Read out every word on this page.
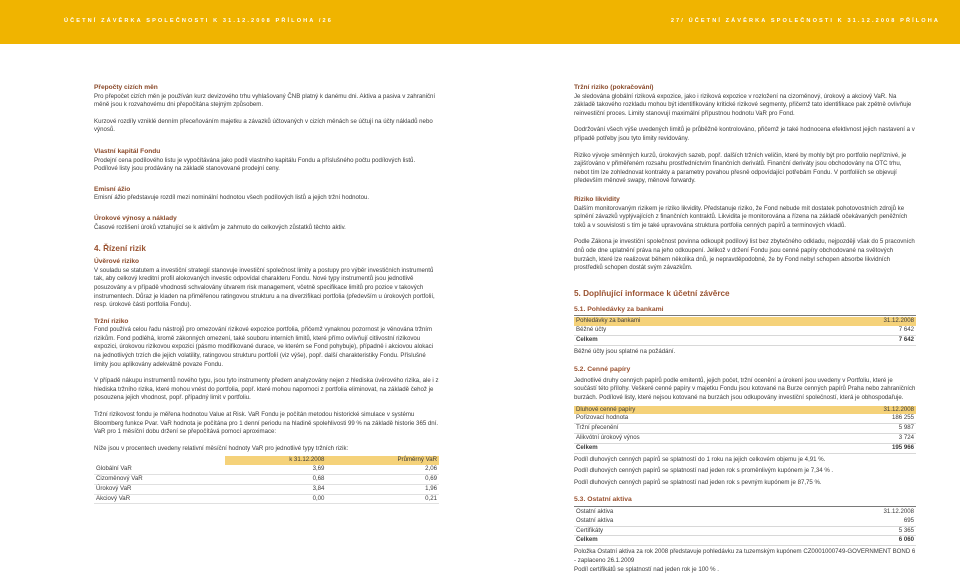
ÚČETNÍ ZÁVĚRKA SPOLEČNOSTI K 31.12.2008 PŘÍLOHA /26	27/ ÚČETNÍ ZÁVĚRKA SPOLEČNOSTI K 31.12.2008 PŘÍLOHA
Přepočty cizích měn

Pro přepočet cizích měn je používán kurz devizového trhu vyhlašovaný ČNB platný k danému dni. Aktiva a pasiva v zahraniční měně jsou k rozvahovému dni přepočítána stejným způsobem.

Kurzové rozdíly vzniklé denním přeceňováním majetku a závazků účtovaných v cizích měnách se účtují na účty nákladů nebo výnosů.

Vlastní kapitál Fondu

Prodejní cena podílového listu je vypočítávána jako podíl vlastního kapitálu Fondu a příslušného počtu podílových listů. Podílové listy jsou prodávány na základě stanovované prodejní ceny.

Emisní ážio

Emisní ážio představuje rozdíl mezi nominální hodnotou všech podílových listů a jejich tržní hodnotou.

Úrokové výnosy a náklady

Časové rozlišení úroků vztahující se k aktivům je zahrnuto do celkových zůstatků těchto aktiv.

4. Řízení rizik
Úvěrové riziko

V souladu se statutem a investiční strategií stanovuje investiční společnost limity a postupy pro výběr investičních instrumentů tak, aby celkový kreditní profil alokovaných investic odpovídal charakteru Fondu. Nové typy instrumentů jsou jednotlivě posuzovány a v případě vhodnosti schvalovány útvarem risk management, včetně specifikace limitů pro pozice v takových instrumentech. Důraz je kladen na přiměřenou ratingovou strukturu a na diverzifikaci portfolia (především u úrokových portfolií, resp. úrokové části portfolia Fondu).

Tržní riziko

Fond používá celou řadu nástrojů pro omezování rizikové expozice portfolia, přičemž vynaknou pozornost je věnována tržním rizikům. Fond podléhá, kromě zákonných omezení, také souboru interních limitů, které přímo ovlivňují citlivostní rizikovou expozici, úrokovou rizikovou expozici (pásmo modifikované durace, ve kterém se Fond pohybuje), případně i akciovou alokaci na jednotlivých trzích dle jejich volatility, ratingovou strukturu portfolií (viz výše), popř. další charakteristiky Fondu. Příslušné limity jsou aplikovány adekvátně povaze Fondu.

V případě nákupu instrumentů nového typu, jsou tyto instrumenty předem analyzovány nejen z hlediska úvěrového rizika, ale i z hlediska tržního rizika, které mohou vnést do portfolia, popř. které mohou napomoci z portfolia eliminovat, na základě čehož je posouzena jejich vhodnost, popř. případný limit v portfoliu.

Tržní rizikovost fondu je měřena hodnotou Value at Risk. VaR Fondu je počítán metodou historické simulace v systému Bloomberg funkce Pvar. VaR hodnota je počítána pro 1 denní periodu na hladině spolehlivosti 99 % na základě historie 365 dní. VaR pro 1 měsíční dobu držení se přepočítává pomocí aproximace:

Níže jsou v procentech uvedeny relativní měsíční hodnoty VaR pro jednotlivé typy tržních rizik:

	k 31.12.2008	Průměrný VaR
Globální VaR	3,69	2,06
Cizoměnový VaR	0,68	0,69
Úrokový VaR	3,84	1,96
Akciový VaR	0,00	0,21
Tržní riziko (pokračování)

Je sledována globální riziková expozice, jako i riziková expozice v rozložení na cizoměnový, úrokový a akciový VaR. Na základě takového rozkladu mohou být identifikovány kritické rizikové segmenty, přičemž tato identifikace pak zpětně ovlivňuje reinvestiční proces. Limity stanovují maximální přípustnou hodnotu VaR pro Fond.

Dodržování všech výše uvedených limitů je průběžně kontrolováno, přičemž je také hodnocena efektivnost jejich nastavení a v případě potřeby jsou tyto limity revidovány.

Riziko vývoje směnných kurzů, úrokových sazeb, popř. dalších tržních veličin, které by mohly být pro portfolio nepříznivé, je zajišťováno v přiměřeném rozsahu prostředníctvím finančních derivátů. Finanční deriváty jsou obchodovány na OTC trhu, nebot tím lze zohlednovat kontrakty a parametry povahou přesně odpovídající potřebám Fondu. V portfoliích se objevují především měnové swapy, měnové forwardy.

Riziko likvidity

Dalším monitorovaným rizikem je riziko likvidity. Předstanuje riziko, že Fond nebude mít dostatek pohotovostních zdrojů ke splnění závazků vyplývajících z finančních kontraktů. Likvidita je monitorována a řízena na základě očekávaných peněžních toků a v souvislosti s tím je také upravována struktura portfolia cenných papírů a terminových vkladů.

Podle Zákona je investiční společnost povinna odkoupit podílový list bez zbytečného odkladu, nejpozději však do 5 pracovních dnů ode dne uplatnění práva na jeho odkoupení. Jelikož v držení Fondu jsou cenné papíry obchodované na světových burzách, které lze realizovat během několika dnů, je nepravděpodobné, že by Fond nebyl schopen absorbe likvidních prostředků schopen dostát svým závazkům.

5. Doplňující informace k účetní závěrce
5.1. Pohledávky za bankami
Pohledávky za bankami	31.12.2008
Běžné účty	7 642
Celkem	7 642

Běžné účty jsou splatné na požádání.

5.2. Cenné papíry

Jednotlivé druhy cenných papírů podle emitentů, jejich počet, tržní ocenění a úrokení jsou uvedeny v Portfoliu, které je součástí této přílohy. Veškeré cenné papíry v majetku Fondu jsou kotované na Burze cenných papírů Praha nebo zahraničních burzách. Podílové listy, které nejsou kotované na burzách jsou odkupovány investiční společností, která je obhospodařuje.

Dluhové cenné papíry	31.12.2008
Pořizovací hodnota	186 255
Tržní přecenění	5 987
Alikvótní úrokový výnos	3 724
Celkem	195 966

Podíl dluhových cenných papírů se splatností do 1 roku na jejich celkovém objemu je 4,91 %.

Podíl dluhových cenných papírů se splatností nad jeden rok s proměnlivým kupónem je 7,34 % .

Podíl dluhových cenných papírů se splatností nad jeden rok s pevným kupónem je 87,75 %.

5.3. Ostatní aktiva
Ostatní aktiva	31.12.2008
Ostatní aktiva	695
Certifikáty	5 365
Celkem	6 060

Položka Ostatní aktiva za rok 2008 představuje pohledávku za tuzemským kupónem CZ0001000749-GOVERNMENT BOND 6 - zaplaceno 26.1.2009

Podíl certifikátů se splatností nad jeden rok je 100 % .
